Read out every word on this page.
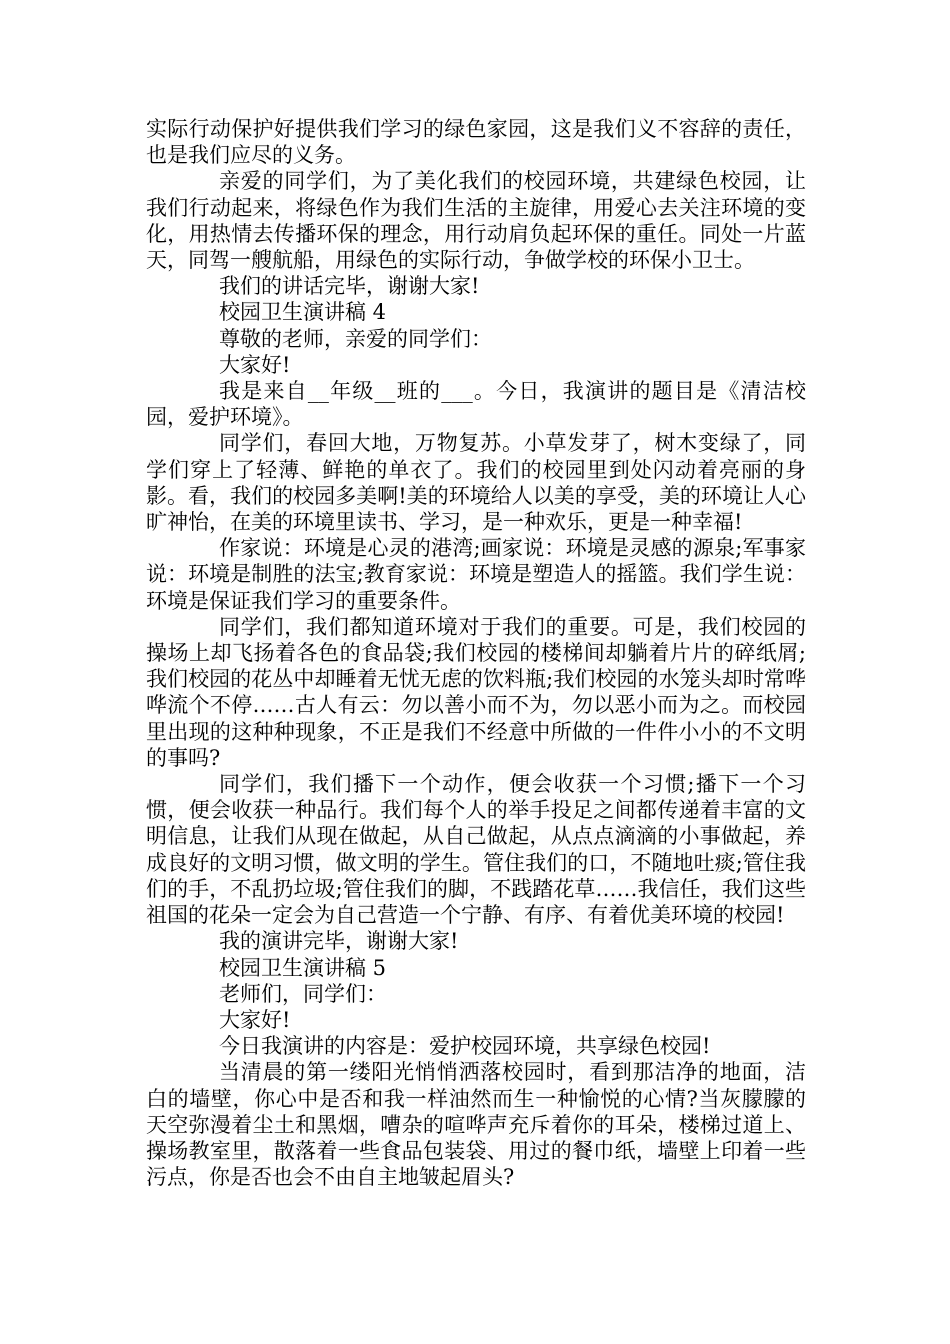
实际行动保护好提供我们学习的绿色家园，这是我们义不容辞的责任，也是我们应尽的义务。

亲爱的同学们，为了美化我们的校园环境，共建绿色校园，让我们行动起来，将绿色作为我们生活的主旋律，用爱心去关注环境的变化，用热情去传播环保的理念，用行动肩负起环保的重任。同处一片蓝天，同驾一艘航船，用绿色的实际行动，争做学校的环保小卫士。

我们的讲话完毕，谢谢大家!

校园卫生演讲稿 4

尊敬的老师，亲爱的同学们：

大家好!

我是来自__年级__班的___。今日，我演讲的题目是《清洁校园，爱护环境》。

同学们，春回大地，万物复苏。小草发芽了，树木变绿了，同学们穿上了轻薄、鲜艳的单衣了。我们的校园里到处闪动着亮丽的身影。看，我们的校园多美啊!美的环境给人以美的享受，美的环境让人心旷神怡，在美的环境里读书、学习，是一种欢乐，更是一种幸福!

作家说：环境是心灵的港湾;画家说：环境是灵感的源泉;军事家说：环境是制胜的法宝;教育家说：环境是塑造人的摇篮。我们学生说：环境是保证我们学习的重要条件。

同学们，我们都知道环境对于我们的重要。可是，我们校园的操场上却飞扬着各色的食品袋;我们校园的楼梯间却躺着片片的碎纸屑;我们校园的花丛中却睡着无忧无虑的饮料瓶;我们校园的水笼头却时常哗哗流个不停……古人有云：勿以善小而不为，勿以恶小而为之。而校园里出现的这种种现象，不正是我们不经意中所做的一件件小小的不文明的事吗?

同学们，我们播下一个动作，便会收获一个习惯;播下一个习惯，便会收获一种品行。我们每个人的举手投足之间都传递着丰富的文明信息，让我们从现在做起，从自己做起，从点点滴滴的小事做起，养成良好的文明习惯，做文明的学生。管住我们的口，不随地吐痰;管住我们的手，不乱扔垃圾;管住我们的脚，不践踏花草……我信任，我们这些祖国的花朵一定会为自己营造一个宁静、有序、有着优美环境的校园!

我的演讲完毕，谢谢大家!

校园卫生演讲稿 5

老师们，同学们：

大家好!

今日我演讲的内容是：爱护校园环境，共享绿色校园!

当清晨的第一缕阳光悄悄洒落校园时，看到那洁净的地面，洁白的墙壁，你心中是否和我一样油然而生一种愉悦的心情?当灰朦朦的天空弥漫着尘土和黑烟，嘈杂的喧哗声充斥着你的耳朵，楼梯过道上、操场教室里，散落着一些食品包装袋、用过的餐巾纸，墙壁上印着一些污点，你是否也会不由自主地皱起眉头?
